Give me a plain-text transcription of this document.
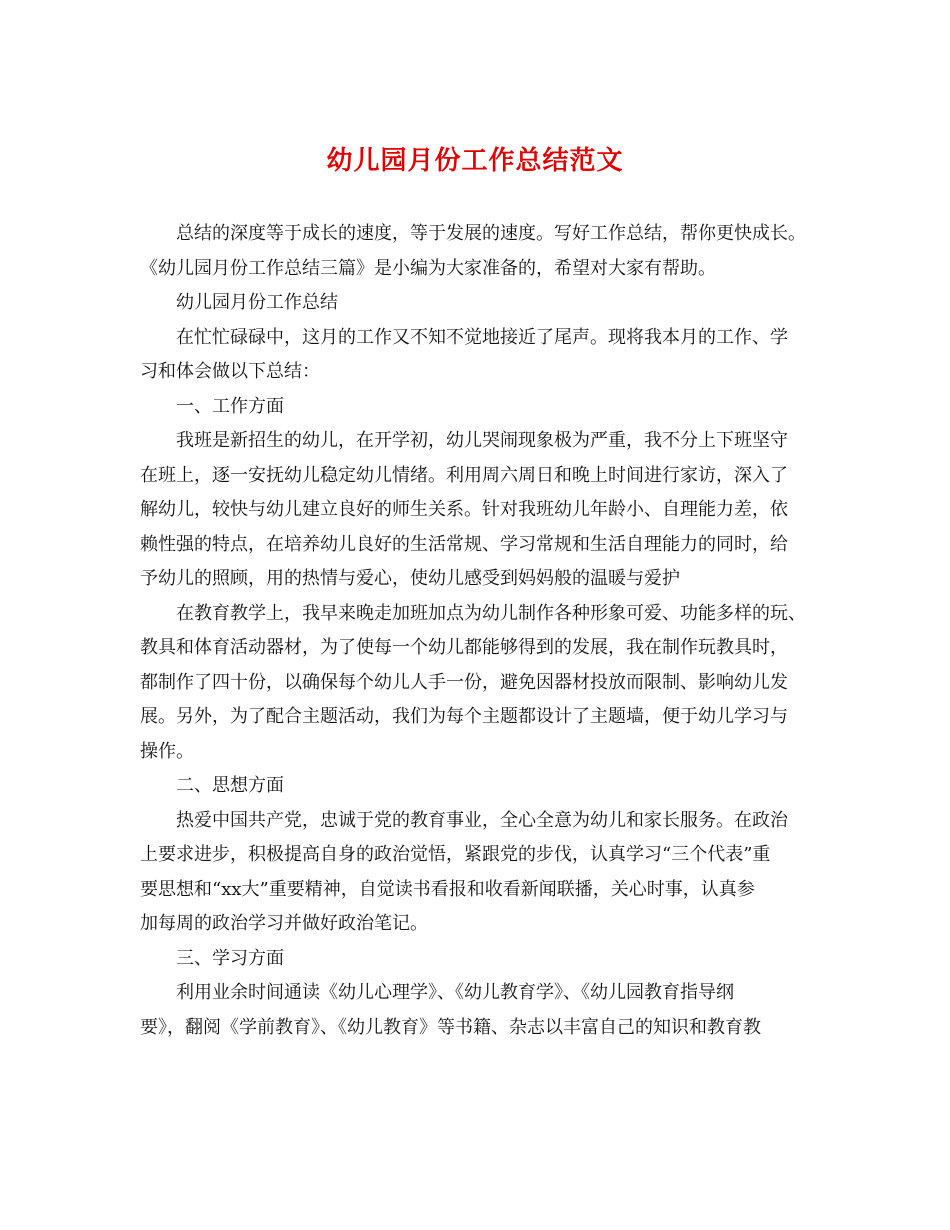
幼儿园月份工作总结范文

总结的深度等于成长的速度，等于发展的速度。写好工作总结，帮你更快成长。
《幼儿园月份工作总结三篇》是小编为大家准备的，希望对大家有帮助。

幼儿园月份工作总结

在忙忙碌碌中，这月的工作又不知不觉地接近了尾声。现将我本月的工作、学
习和体会做以下总结：

一、工作方面

我班是新招生的幼儿，在开学初，幼儿哭闹现象极为严重，我不分上下班坚守
在班上，逐一安抚幼儿稳定幼儿情绪。利用周六周日和晚上时间进行家访，深入了
解幼儿，较快与幼儿建立良好的师生关系。针对我班幼儿年龄小、自理能力差，依
赖性强的特点，在培养幼儿良好的生活常规、学习常规和生活自理能力的同时，给
予幼儿的照顾，用的热情与爱心，使幼儿感受到妈妈般的温暖与爱护

在教育教学上，我早来晚走加班加点为幼儿制作各种形象可爱、功能多样的玩、
教具和体育活动器材，为了使每一个幼儿都能够得到的发展，我在制作玩教具时，
都制作了四十份，以确保每个幼儿人手一份，避免因器材投放而限制、影响幼儿发
展。另外，为了配合主题活动，我们为每个主题都设计了主题墙，便于幼儿学习与
操作。

二、思想方面

热爱中国共产党，忠诚于党的教育事业，全心全意为幼儿和家长服务。在政治
上要求进步，积极提高自身的政治觉悟，紧跟党的步伐，认真学习“三个代表”重
要思想和“xx大”重要精神，自觉读书看报和收看新闻联播，关心时事，认真参
加每周的政治学习并做好政治笔记。

三、学习方面

利用业余时间通读《幼儿心理学》、《幼儿教育学》、《幼儿园教育指导纲
要》，翻阅《学前教育》、《幼儿教育》等书籍、杂志以丰富自己的知识和教育教
